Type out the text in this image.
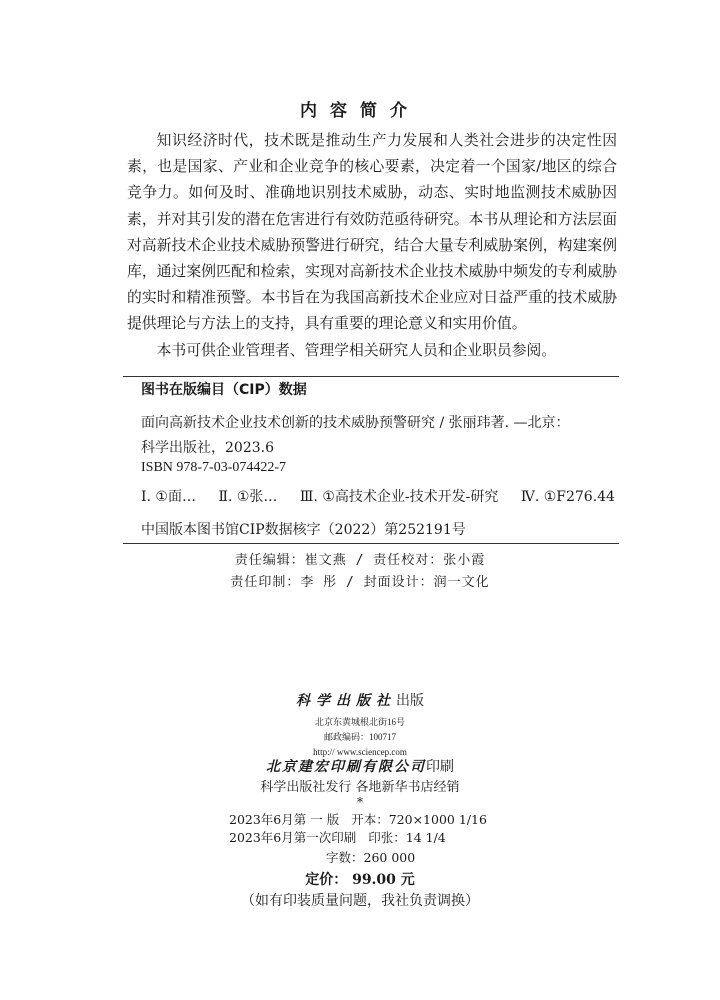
内容简介

知识经济时代，技术既是推动生产力发展和人类社会进步的决定性因素，也是国家、产业和企业竞争的核心要素，决定着一个国家/地区的综合竞争力。如何及时、准确地识别技术威胁，动态、实时地监测技术威胁因素，并对其引发的潜在危害进行有效防范亟待研究。本书从理论和方法层面对高新技术企业技术威胁预警进行研究，结合大量专利威胁案例，构建案例库，通过案例匹配和检索，实现对高新技术企业技术威胁中频发的专利威胁的实时和精准预警。本书旨在为我国高新技术企业应对日益严重的技术威胁提供理论与方法上的支持，具有重要的理论意义和实用价值。

本书可供企业管理者、管理学相关研究人员和企业职员参阅。

图书在版编目（CIP）数据
面向高新技术企业技术创新的技术威胁预警研究 / 张丽玮著. —北京：
科学出版社，2023.6
ISBN 978-7-03-074422-7
Ⅰ. ①面… Ⅱ. ①张… Ⅲ. ①高技术企业-技术开发-研究 Ⅳ. ①F276.44
中国版本图书馆CIP数据核字（2022）第252191号
责任编辑：崔文燕 / 责任校对：张小霞
责任印制：李 彤 / 封面设计：润一文化
科学出版社出版
北京东黄城根北街16号
邮政编码：100717
http:// www.sciencep.com
北京建宏印刷有限公司印刷
科学出版社发行 各地新华书店经销
*
2023年6月第 一 版 开本：720×1000 1/16
2023年6月第一次印刷 印张：14 1/4
字数：260 000
定价： 99.00 元
（如有印装质量问题，我社负责调换）
